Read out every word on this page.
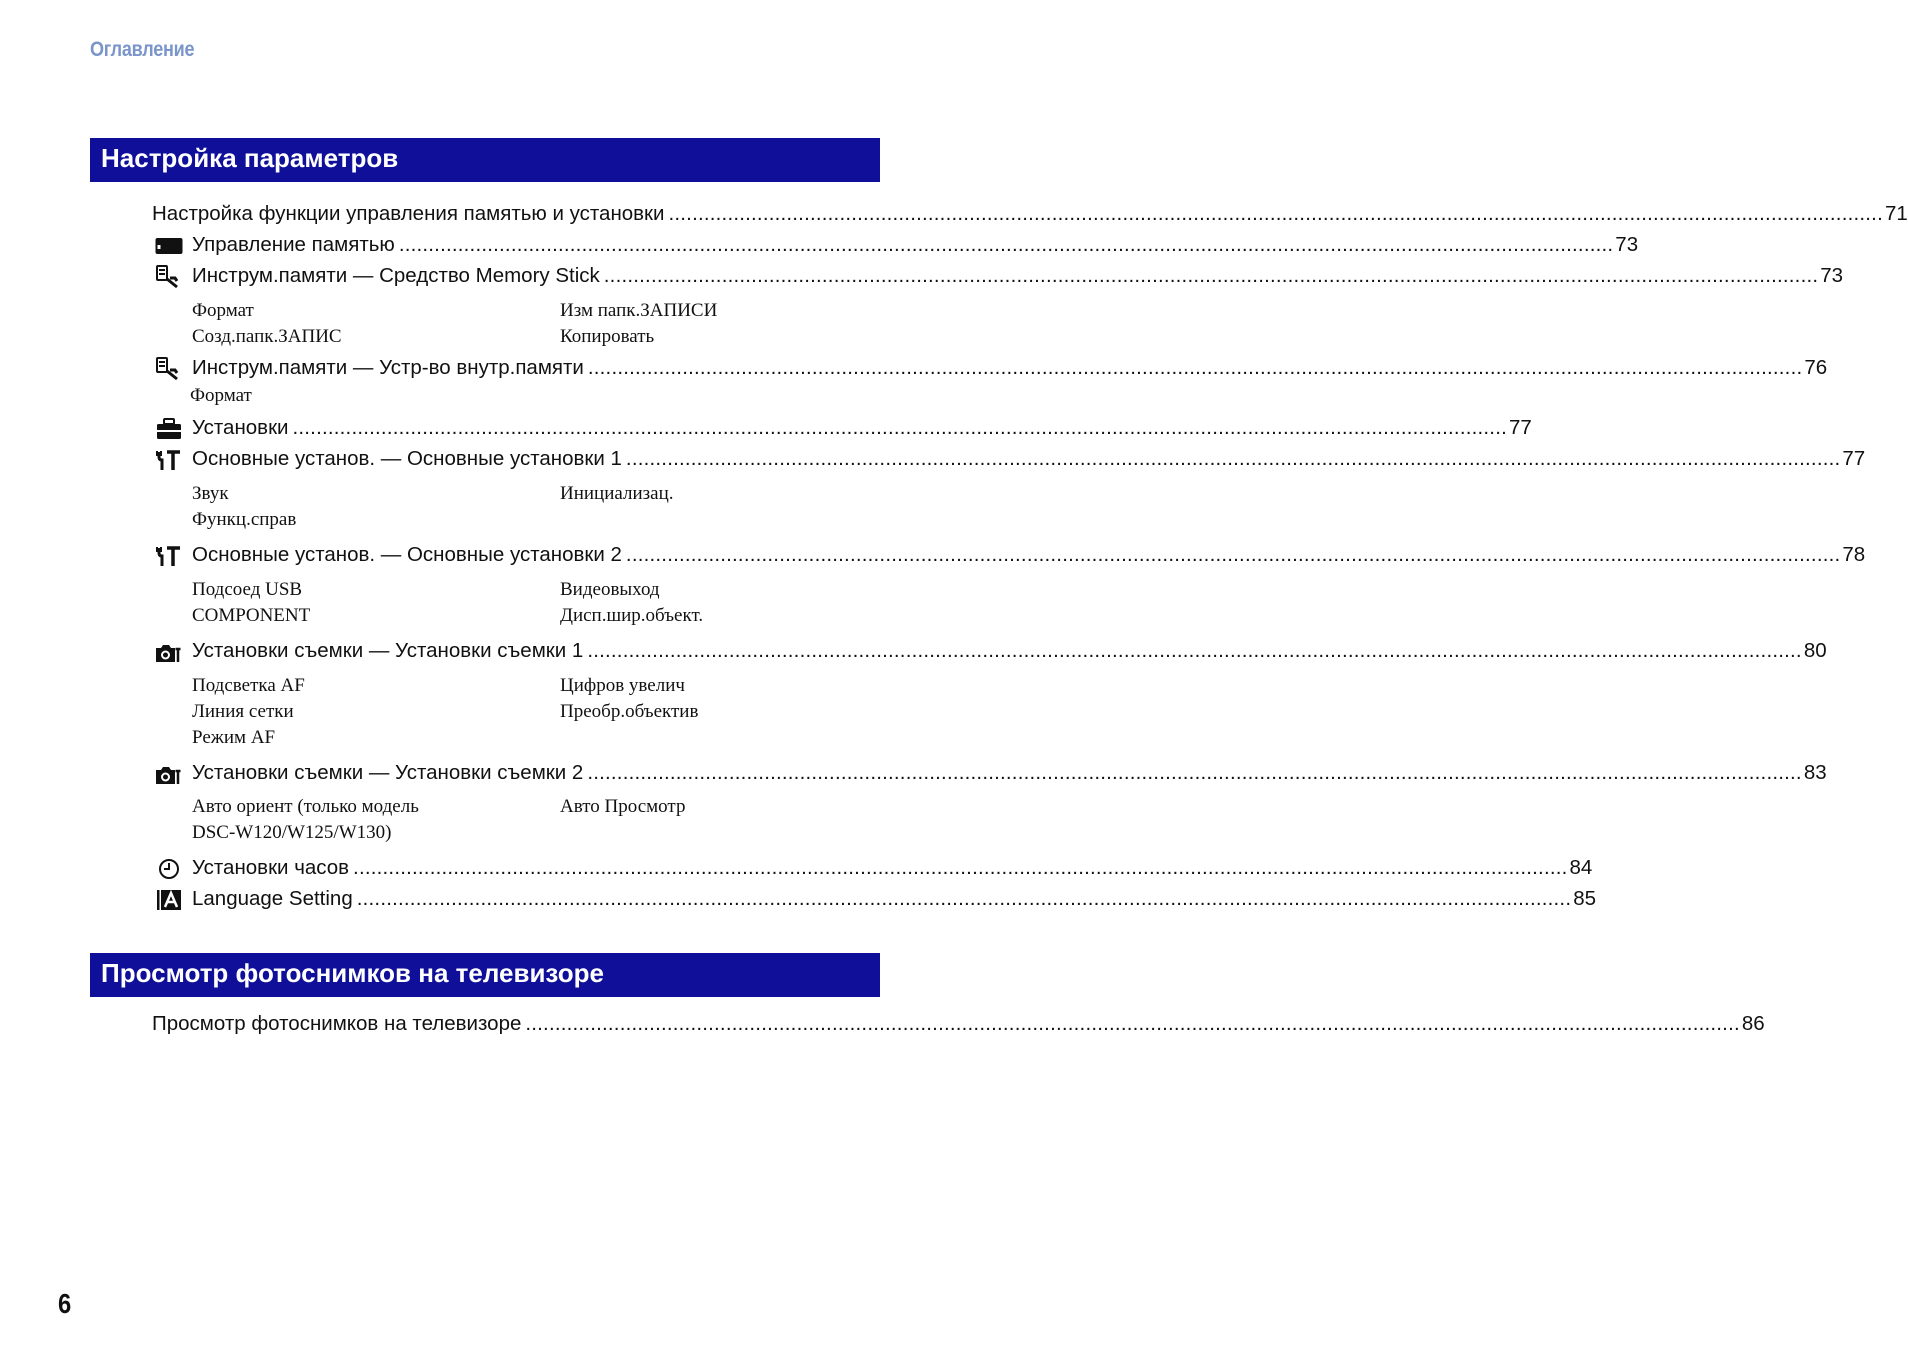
Оглавление
Настройка параметров
Настройка функции управления памятью и установки .............................................................................................................................................................................................................. 71
Управление памятью .............................................................................................................................................................................................................. 73
Инструм.памяти — Средство Memory Stick .............................................................................................................................................................................................................. 73
Формат	Изм папк.ЗАПИСИ
Созд.папк.ЗАПИС	Копировать
Инструм.памяти — Устр-во внутр.памяти .............................................................................................................................................................................................................. 76
Формат
Установки .............................................................................................................................................................................................................. 77
Основные установ. — Основные установки 1 .............................................................................................................................................................................................................. 77
Звук	Инициализац.
Функц.справ
Основные установ. — Основные установки 2 .............................................................................................................................................................................................................. 78
Подсоед USB	Видеовыход
COMPONENT	Дисп.шир.объект.
Установки съемки — Установки съемки 1 .............................................................................................................................................................................................................. 80
Подсветка AF	Цифров увелич
Линия сетки	Преобр.объектив
Режим AF
Установки съемки — Установки съемки 2 .............................................................................................................................................................................................................. 83
Авто ориент (только модель	Авто Просмотр
DSC-W120/W125/W130)
Установки часов .............................................................................................................................................................................................................. 84
Language Setting .............................................................................................................................................................................................................. 85
Просмотр фотоснимков на телевизоре
Просмотр фотоснимков на телевизоре .............................................................................................................................................................................................................. 86
6
